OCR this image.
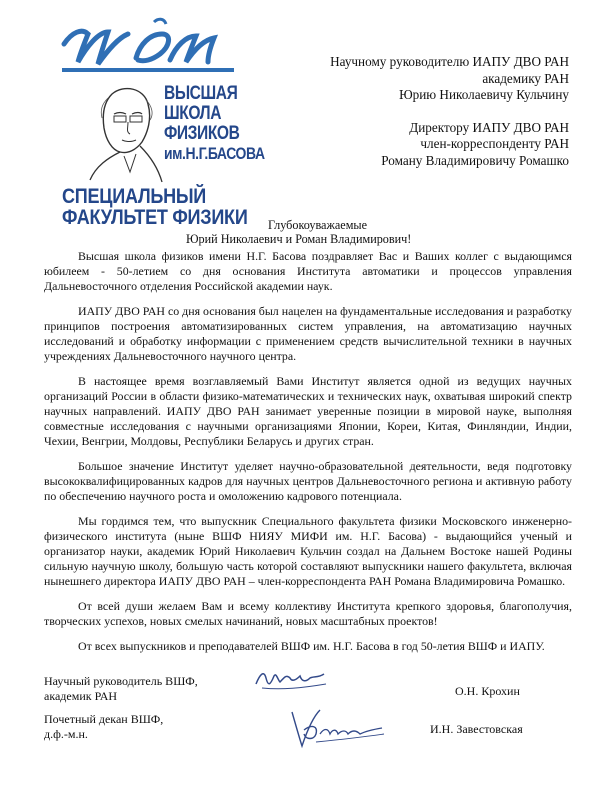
ВЫСШАЯ
ШКОЛА
ФИЗИКОВ
им.Н.Г.БАСОВА
СПЕЦИАЛЬНЫЙ
ФАКУЛЬТЕТ ФИЗИКИ
Научному руководителю ИАПУ ДВО РАН
академику РАН
Юрию Николаевичу Кульчину
Директору ИАПУ ДВО РАН
член-корреспонденту РАН
Роману Владимировичу Ромашко
Глубокоуважаемые
Юрий Николаевич и Роман Владимирович!

Высшая школа физиков имени Н.Г. Басова поздравляет Вас и Ваших коллег с выдающимся юбилеем - 50-летием со дня основания Института автоматики и процессов управления Дальневосточного отделения Российской академии наук.

ИАПУ ДВО РАН со дня основания был нацелен на фундаментальные исследования и разработку принципов построения автоматизированных систем управления, на автоматизацию научных исследований и обработку информации с применением средств вычислительной техники в научных учреждениях Дальневосточного научного центра.

В настоящее время возглавляемый Вами Институт является одной из ведущих научных организаций России в области физико-математических и технических наук, охватывая широкий спектр научных направлений. ИАПУ ДВО РАН занимает уверенные позиции в мировой науке, выполняя совместные исследования с научными организациями Японии, Кореи, Китая, Финляндии, Индии, Чехии, Венгрии, Молдовы, Республики Беларусь и других стран.

Большое значение Институт уделяет научно-образовательной деятельности, ведя подготовку высококвалифицированных кадров для научных центров Дальневосточного региона и активную работу по обеспечению научного роста и омоложению кадрового потенциала.

Мы гордимся тем, что выпускник Специального факультета физики Московского инженерно-физического института (ныне ВШФ НИЯУ МИФИ им. Н.Г. Басова) - выдающийся ученый и организатор науки, академик Юрий Николаевич Кульчин создал на Дальнем Востоке нашей Родины сильную научную школу, большую часть которой составляют выпускники нашего факультета, включая нынешнего директора ИАПУ ДВО РАН – член-корреспондента РАН Романа Владимировича Ромашко.

От всей души желаем Вам и всему коллективу Института крепкого здоровья, благополучия, творческих успехов, новых смелых начинаний, новых масштабных проектов!

От всех выпускников и преподавателей ВШФ им. Н.Г. Басова в год 50-летия ВШФ и ИАПУ.

Научный руководитель ВШФ,
академик РАН	О.Н. Крохин
Почетный декан ВШФ,
д.ф.-м.н.	И.Н. Завестовская
